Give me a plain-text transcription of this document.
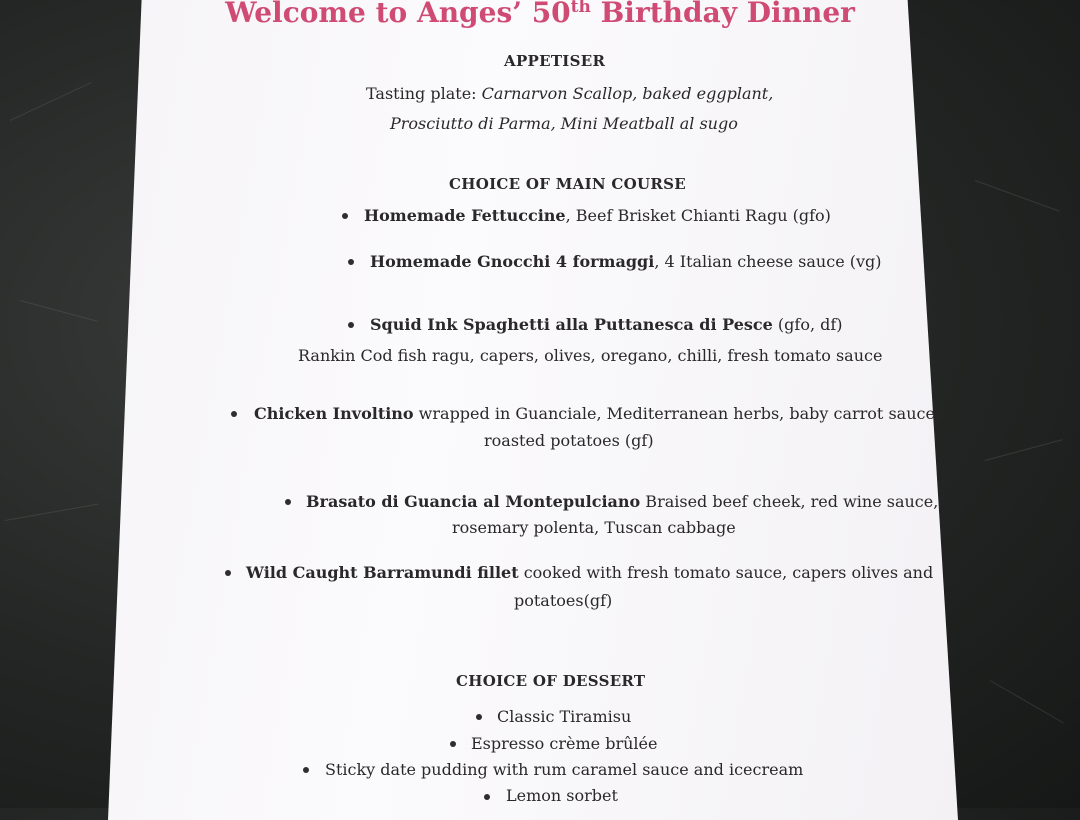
Welcome to Anges’ 50th Birthday Dinner
APPETISER
Tasting plate: Carnarvon Scallop, baked eggplant,
Prosciutto di Parma, Mini Meatball al sugo
CHOICE OF MAIN COURSE
Homemade Fettuccine, Beef Brisket Chianti Ragu (gfo)
Homemade Gnocchi 4 formaggi, 4 Italian cheese sauce (vg)
Squid Ink Spaghetti alla Puttanesca di Pesce (gfo, df)
Rankin Cod fish ragu, capers, olives, oregano, chilli, fresh tomato sauce
Chicken Involtino wrapped in Guanciale, Mediterranean herbs, baby carrot sauce,
roasted potatoes (gf)
Brasato di Guancia al Montepulciano Braised beef cheek, red wine sauce,
rosemary polenta, Tuscan cabbage
Wild Caught Barramundi fillet cooked with fresh tomato sauce, capers olives and
potatoes(gf)
CHOICE OF DESSERT
Classic Tiramisu
Espresso crème brûlée
Sticky date pudding with rum caramel sauce and icecream
Lemon sorbet
